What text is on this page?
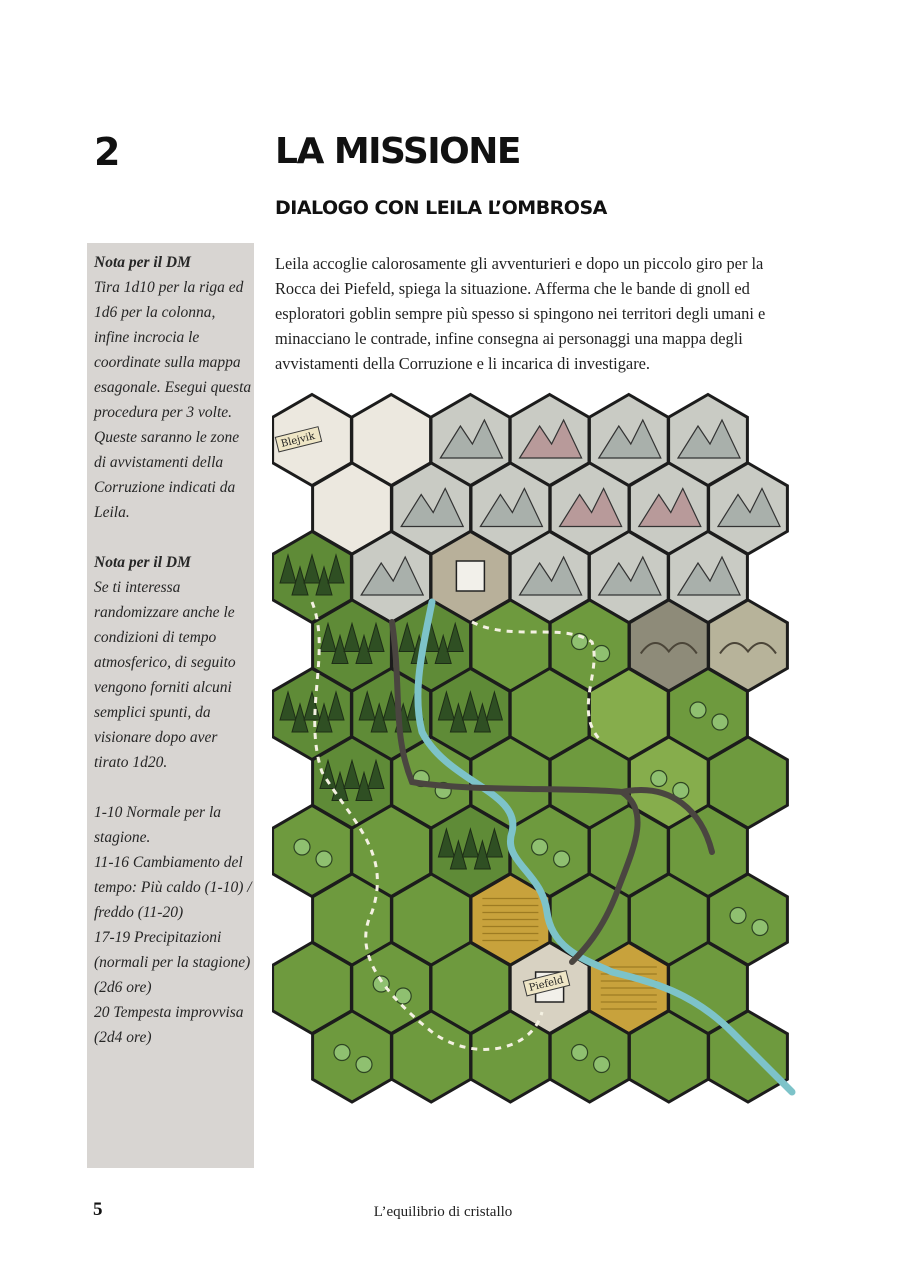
2	LA MISSIONE
DIALOGO CON LEILA L’OMBROSA

Nota per il DM
Tira 1d10 per la riga ed 1d6 per la colonna, infine incrocia le coordinate sulla mappa esagonale. Esegui questa procedura per 3 volte. Queste saranno le zone di avvistamenti della Corruzione indicati da Leila.

Nota per il DM
Se ti interessa randomizzare anche le condizioni di tempo atmosferico, di seguito vengono forniti alcuni semplici spunti, da visionare dopo aver tirato 1d20.

1-10 Normale per la stagione.
11-16 Cambiamento del tempo: Più caldo (1-10) / freddo (11-20)
17-19 Precipitazioni (normali per la stagione) (2d6 ore)
20 Tempesta improvvisa (2d4 ore)

Leila accoglie calorosamente gli avventurieri e dopo un piccolo giro per la Rocca dei Piefeld, spiega la situazione. Afferma che le bande di gnoll ed esploratori goblin sempre più spesso si spingono nei territori degli umani e minacciano le contrade, infine consegna ai personaggi una mappa degli avvistamenti della Corruzione e li incarica di investigare.

Blejvik
Piefeld
5	L’equilibrio di cristallo
